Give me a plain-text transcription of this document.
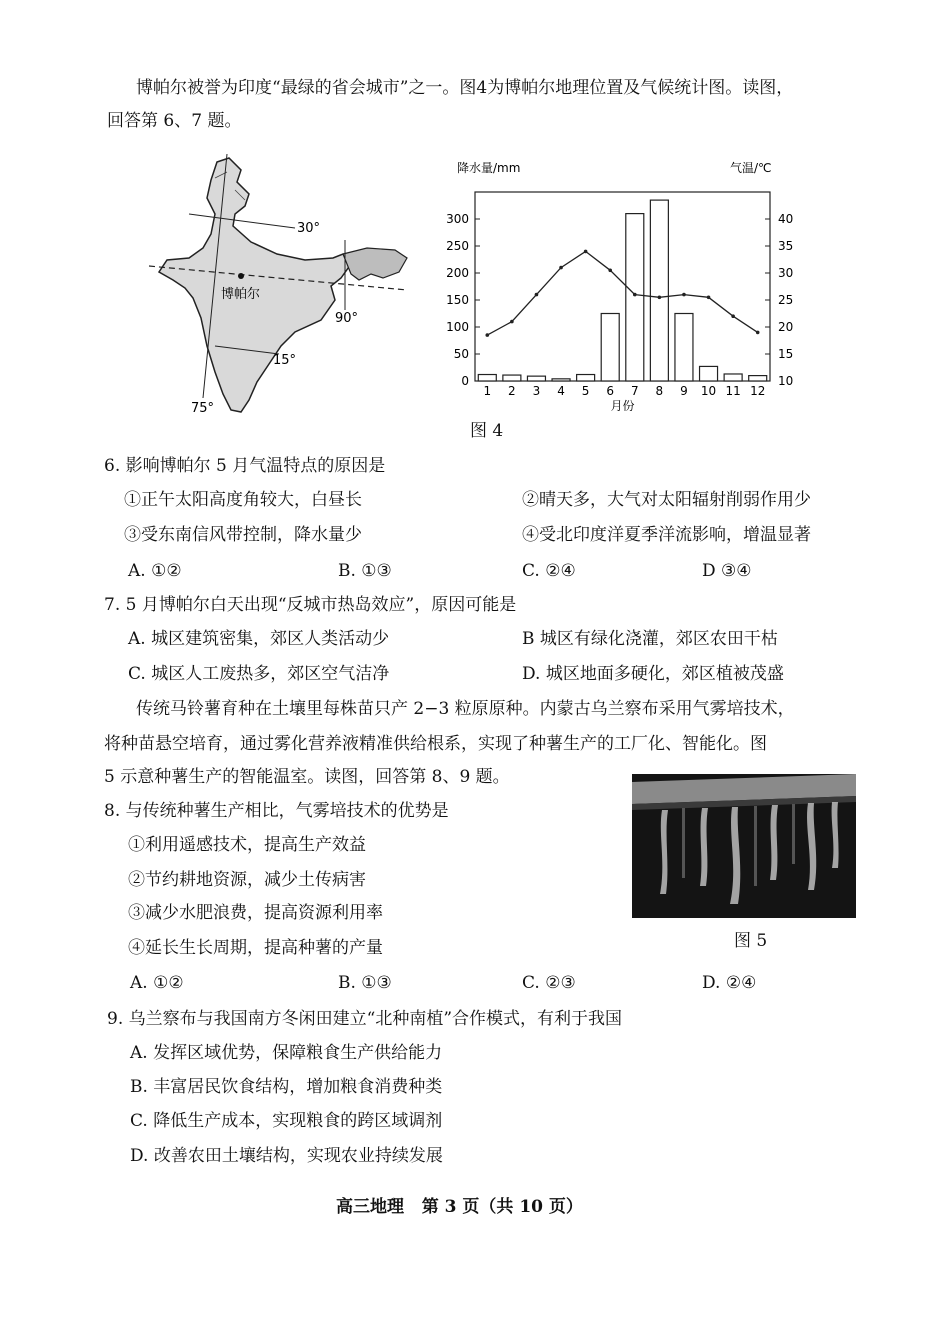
博帕尔被誉为印度“最绿的省会城市”之一。图4为博帕尔地理位置及气候统计图。读图，
回答第 6、7 题。
30°
博帕尔
90°
15°
75°
降水量/mm	气温/℃
0
50
100
150
200
250
300
10
15
20
25
30
35
40
1 2 3 4 5 6 7 8 9 10 11 12
月份
图 4
6. 影响博帕尔 5 月气温特点的原因是
①正午太阳高度角较大，白昼长	②晴天多，大气对太阳辐射削弱作用少
③受东南信风带控制，降水量少	④受北印度洋夏季洋流影响，增温显著
A. ①②	B. ①③	C. ②④	D ③④
7. 5 月博帕尔白天出现“反城市热岛效应”，原因可能是
A. 城区建筑密集，郊区人类活动少	B 城区有绿化浇灌，郊区农田干枯
C. 城区人工废热多，郊区空气洁净	D. 城区地面多硬化，郊区植被茂盛
传统马铃薯育种在土壤里每株苗只产 2−3 粒原原种。内蒙古乌兰察布采用气雾培技术，
将种苗悬空培育，通过雾化营养液精准供给根系，实现了种薯生产的工厂化、智能化。图
5 示意种薯生产的智能温室。读图，回答第 8、9 题。
图 5
8. 与传统种薯生产相比，气雾培技术的优势是
①利用遥感技术，提高生产效益
②节约耕地资源，减少土传病害
③减少水肥浪费，提高资源利用率
④延长生长周期，提高种薯的产量
A. ①②	B. ①③	C. ②③	D. ②④
9. 乌兰察布与我国南方冬闲田建立“北种南植”合作模式，有利于我国
A. 发挥区域优势，保障粮食生产供给能力
B. 丰富居民饮食结构，增加粮食消费种类
C. 降低生产成本，实现粮食的跨区域调剂
D. 改善农田土壤结构，实现农业持续发展
高三地理   第 3 页（共 10 页）
